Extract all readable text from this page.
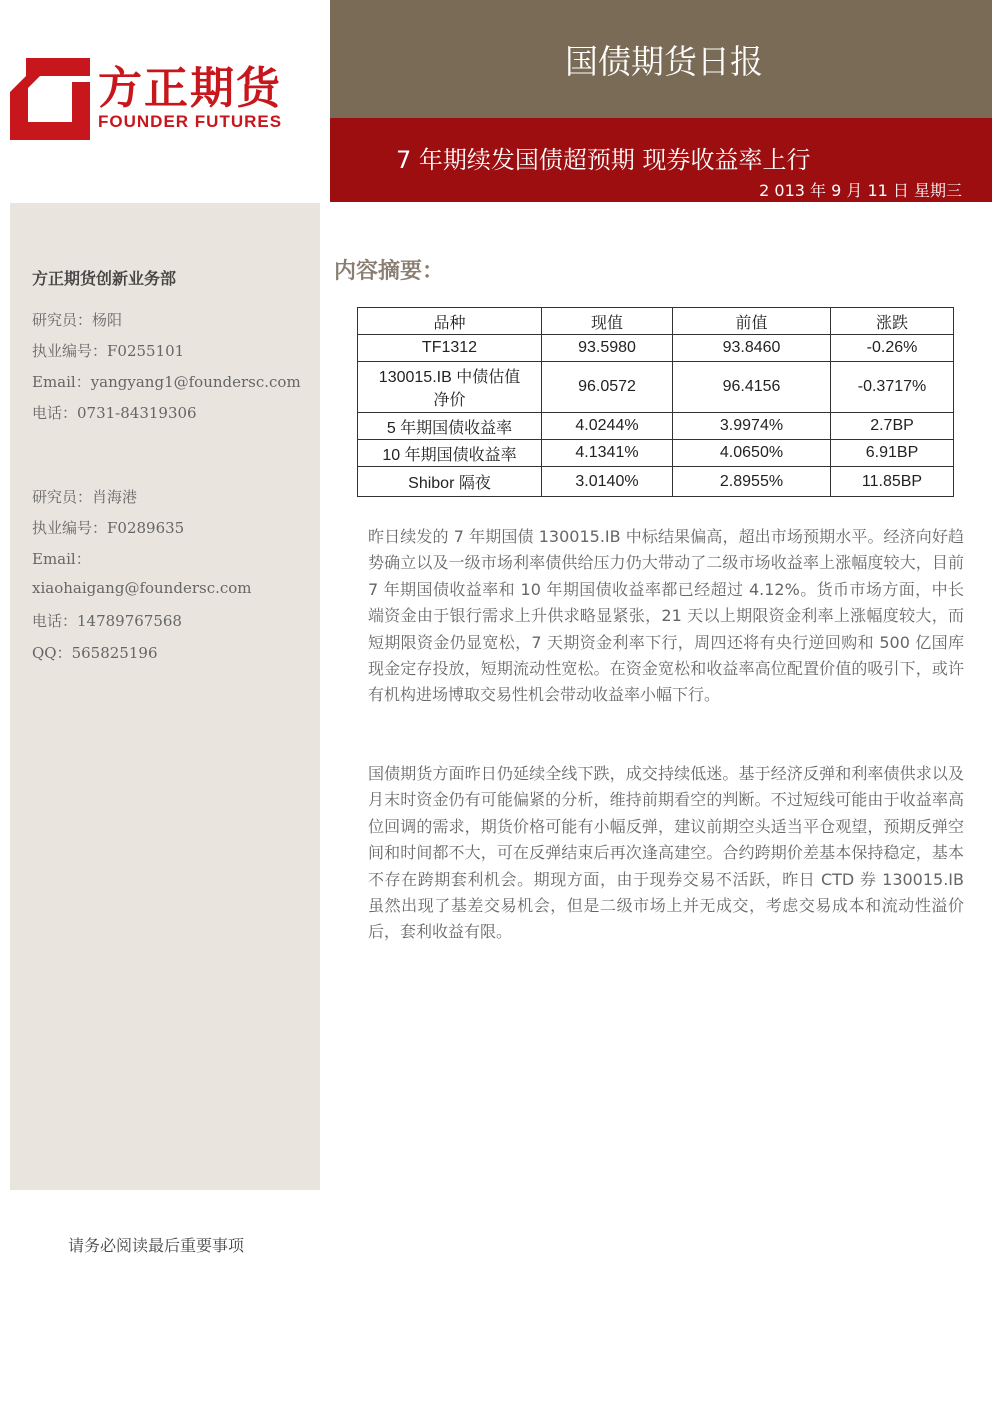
方正期货
FOUNDER FUTURES
国债期货日报
7 年期续发国债超预期 现券收益率上行
2 013 年 9 月 11 日 星期三
方正期货创新业务部
研究员：杨阳
执业编号：F0255101
Email：yangyang1@foundersc.com
电话：0731-84319306
研究员：肖海港
执业编号：F0289635
Email：
xiaohaigang@foundersc.com
电话：14789767568
QQ：565825196
内容摘要：
品种	现值	前值	涨跌
TF1312	93.5980	93.8460	-0.26%
130015.IB 中债估值
净价	96.0572	96.4156	-0.3717%
5 年期国债收益率	4.0244%	3.9974%	2.7BP
10 年期国债收益率	4.1341%	4.0650%	6.91BP
Shibor 隔夜	3.0140%	2.8955%	11.85BP
昨日续发的 7 年期国债 130015.IB 中标结果偏高，超出市场预期水平。经济向好趋势确立以及一级市场利率债供给压力仍大带动了二级市场收益率上涨幅度较大，目前 7 年期国债收益率和 10 年期国债收益率都已经超过 4.12%。货币市场方面，中长端资金由于银行需求上升供求略显紧张，21 天以上期限资金利率上涨幅度较大，而短期限资金仍显宽松，7 天期资金利率下行，周四还将有央行逆回购和 500 亿国库现金定存投放，短期流动性宽松。在资金宽松和收益率高位配置价值的吸引下，或许有机构进场博取交易性机会带动收益率小幅下行。
国债期货方面昨日仍延续全线下跌，成交持续低迷。基于经济反弹和利率债供求以及月末时资金仍有可能偏紧的分析，维持前期看空的判断。不过短线可能由于收益率高位回调的需求，期货价格可能有小幅反弹，建议前期空头适当平仓观望，预期反弹空间和时间都不大，可在反弹结束后再次逢高建空。合约跨期价差基本保持稳定，基本不存在跨期套利机会。期现方面，由于现券交易不活跃，昨日 CTD 券 130015.IB 虽然出现了基差交易机会，但是二级市场上并无成交，考虑交易成本和流动性溢价后，套利收益有限。
请务必阅读最后重要事项
